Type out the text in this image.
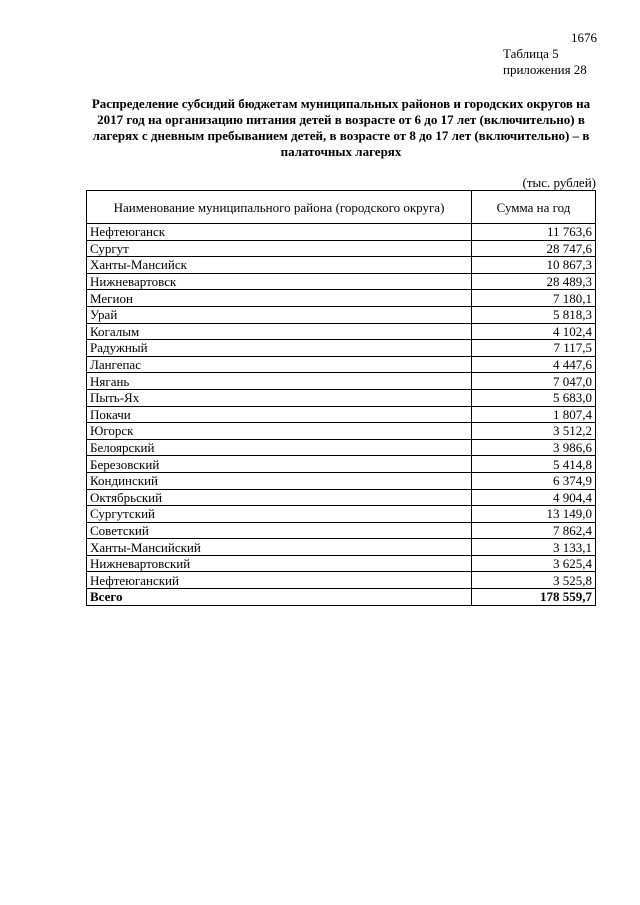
1676
Таблица 5
приложения 28
Распределение субсидий бюджетам муниципальных районов и городских округов на 2017 год на организацию питания детей в возрасте от 6 до 17 лет (включительно) в лагерях с дневным пребыванием детей, в возрасте от 8 до 17 лет (включительно) – в палаточных лагерях
(тыс. рублей)
Наименование муниципального района (городского округа)	Сумма на год
Нефтеюганск	11 763,6
Сургут	28 747,6
Ханты-Мансийск	10 867,3
Нижневартовск	28 489,3
Мегион	7 180,1
Урай	5 818,3
Когалым	4 102,4
Радужный	7 117,5
Лангепас	4 447,6
Нягань	7 047,0
Пыть-Ях	5 683,0
Покачи	1 807,4
Югорск	3 512,2
Белоярский	3 986,6
Березовский	5 414,8
Кондинский	6 374,9
Октябрьский	4 904,4
Сургутский	13 149,0
Советский	7 862,4
Ханты-Мансийский	3 133,1
Нижневартовский	3 625,4
Нефтеюганский	3 525,8
Всего	178 559,7
